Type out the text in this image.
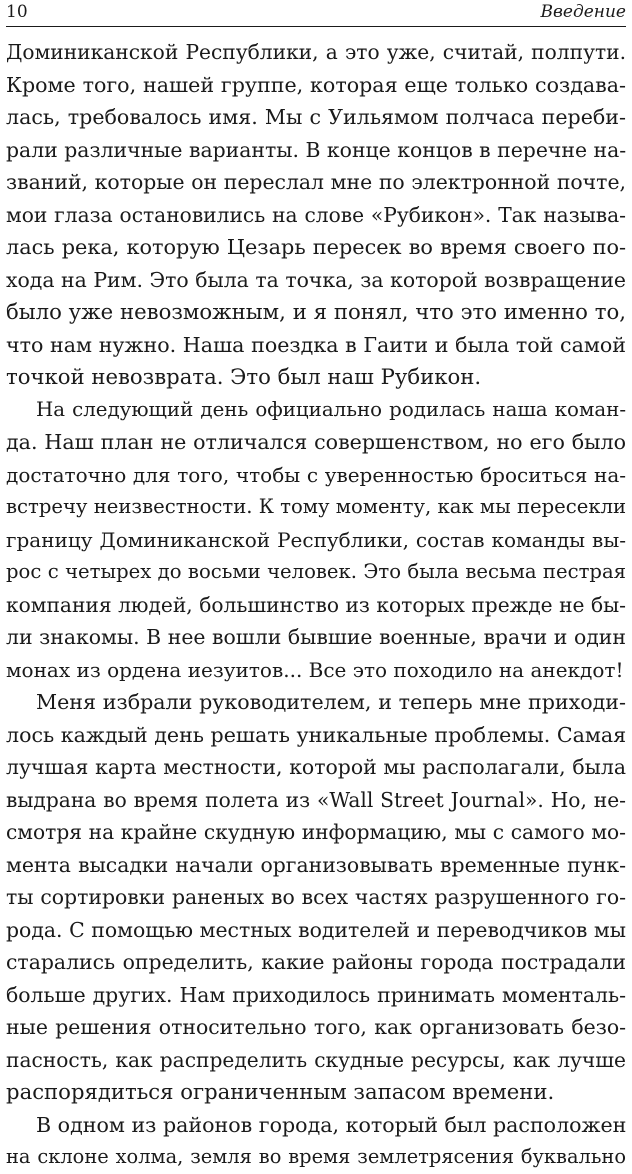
10	Введение
Доминиканской Республики, а это уже, считай, полпути.
Кроме того, нашей группе, которая еще только создава-
лась, требовалось имя. Мы с Уильямом полчаса переби-
рали различные варианты. В конце концов в перечне на-
званий, которые он переслал мне по электронной почте,
мои глаза остановились на слове «Рубикон». Так называ-
лась река, которую Цезарь пересек во время своего по-
хода на Рим. Это была та точка, за которой возвращение
было уже невозможным, и я понял, что это именно то,
что нам нужно. Наша поездка в Гаити и была той самой
точкой невозврата. Это был наш Рубикон.
На следующий день официально родилась наша коман-
да. Наш план не отличался совершенством, но его было
достаточно для того, чтобы с уверенностью броситься на-
встречу неизвестности. К тому моменту, как мы пересекли
границу Доминиканской Республики, состав команды вы-
рос с четырех до восьми человек. Это была весьма пестрая
компания людей, большинство из которых прежде не бы-
ли знакомы. В нее вошли бывшие военные, врачи и один
монах из ордена иезуитов... Все это походило на анекдот!
Меня избрали руководителем, и теперь мне приходи-
лось каждый день решать уникальные проблемы. Самая
лучшая карта местности, которой мы располагали, была
выдрана во время полета из «Wall Street Journal». Но, не-
смотря на крайне скудную информацию, мы с самого мо-
мента высадки начали организовывать временные пунк-
ты сортировки раненых во всех частях разрушенного го-
рода. С помощью местных водителей и переводчиков мы
старались определить, какие районы города пострадали
больше других. Нам приходилось принимать моменталь-
ные решения относительно того, как организовать безо-
пасность, как распределить скудные ресурсы, как лучше
распорядиться ограниченным запасом времени.
В одном из районов города, который был расположен
на склоне холма, земля во время землетрясения буквально
